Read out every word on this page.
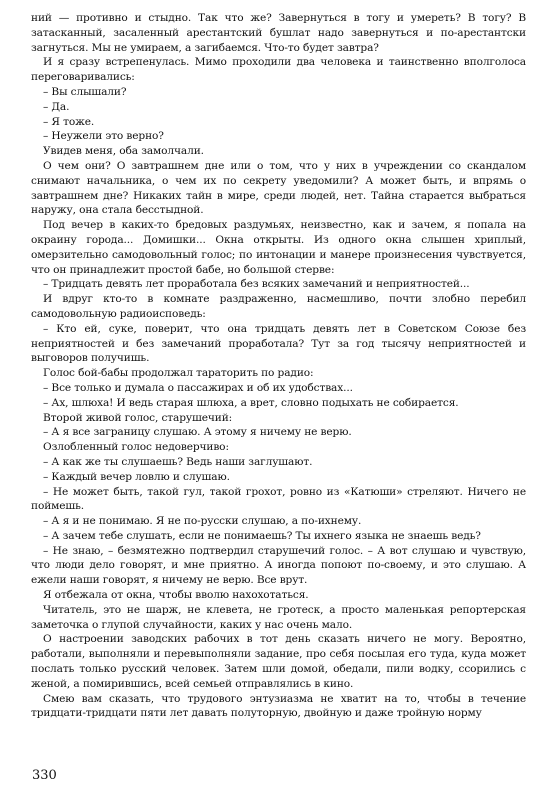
ний — противно и стыдно. Так что же? Завернуться в тогу и умереть? В тогу? В затасканный, засаленный арестантский бушлат надо завернуться и по-арестантски загнуться. Мы не умираем, а загибаемся. Что-то будет завтра?

И я сразу встрепенулась. Мимо проходили два человека и таинственно вполголоса переговаривались:

– Вы слышали?

– Да.

– Я тоже.

– Неужели это верно?

Увидев меня, оба замолчали.

О чем они? О завтрашнем дне или о том, что у них в учреждении со скандалом снимают начальника, о чем их по секрету уведомили? А может быть, и впрямь о завтрашнем дне? Никаких тайн в мире, среди людей, нет. Тайна старается выбраться наружу, она стала бесстыдной.

Под вечер в каких-то бредовых раздумьях, неизвестно, как и зачем, я попала на окраину города... Домишки... Окна открыты. Из одного окна слышен хриплый, омерзительно самодовольный голос; по интонации и манере произнесения чувствуется, что он принадлежит простой бабе, но большой стерве:

– Тридцать девять лет проработала без всяких замечаний и неприятностей...

И вдруг кто-то в комнате раздраженно, насмешливо, почти злобно перебил самодовольную радиоисповедь:

– Кто ей, суке, поверит, что она тридцать девять лет в Советском Союзе без неприятностей и без замечаний проработала? Тут за год тысячу неприятностей и выговоров получишь.

Голос бой-бабы продолжал тараторить по радио:

– Все только и думала о пассажирах и об их удобствах...

– Ах, шлюха! И ведь старая шлюха, а врет, словно подыхать не собирается.

Второй живой голос, старушечий:

– А я все заграницу слушаю. А этому я ничему не верю.

Озлобленный голос недоверчиво:

– А как же ты слушаешь? Ведь наши заглушают.

– Каждый вечер ловлю и слушаю.

– Не может быть, такой гул, такой грохот, ровно из «Катюши» стреляют. Ничего не поймешь.

– А я и не понимаю. Я не по-русски слушаю, а по-ихнему.

– А зачем тебе слушать, если не понимаешь? Ты ихнего языка не знаешь ведь?

– Не знаю, – безмятежно подтвердил старушечий голос. – А вот слушаю и чувствую, что люди дело говорят, и мне приятно. А иногда попоют по-своему, и это слушаю. А ежели наши говорят, я ничему не верю. Все врут.

Я отбежала от окна, чтобы вволю нахохотаться.

Читатель, это не шарж, не клевета, не гротеск, а просто маленькая репортерская заметочка о глупой случайности, каких у нас очень мало.

О настроении заводских рабочих в тот день сказать ничего не могу. Вероятно, работали, выполняли и перевыполняли задание, про себя посылая его туда, куда может послать только русский человек. Затем шли домой, обедали, пили водку, ссорились с женой, а помирившись, всей семьей отправлялись в кино.

Смею вам сказать, что трудового энтузиазма не хватит на то, чтобы в течение тридцати-тридцати пяти лет давать полуторную, двойную и даже тройную норму

330
